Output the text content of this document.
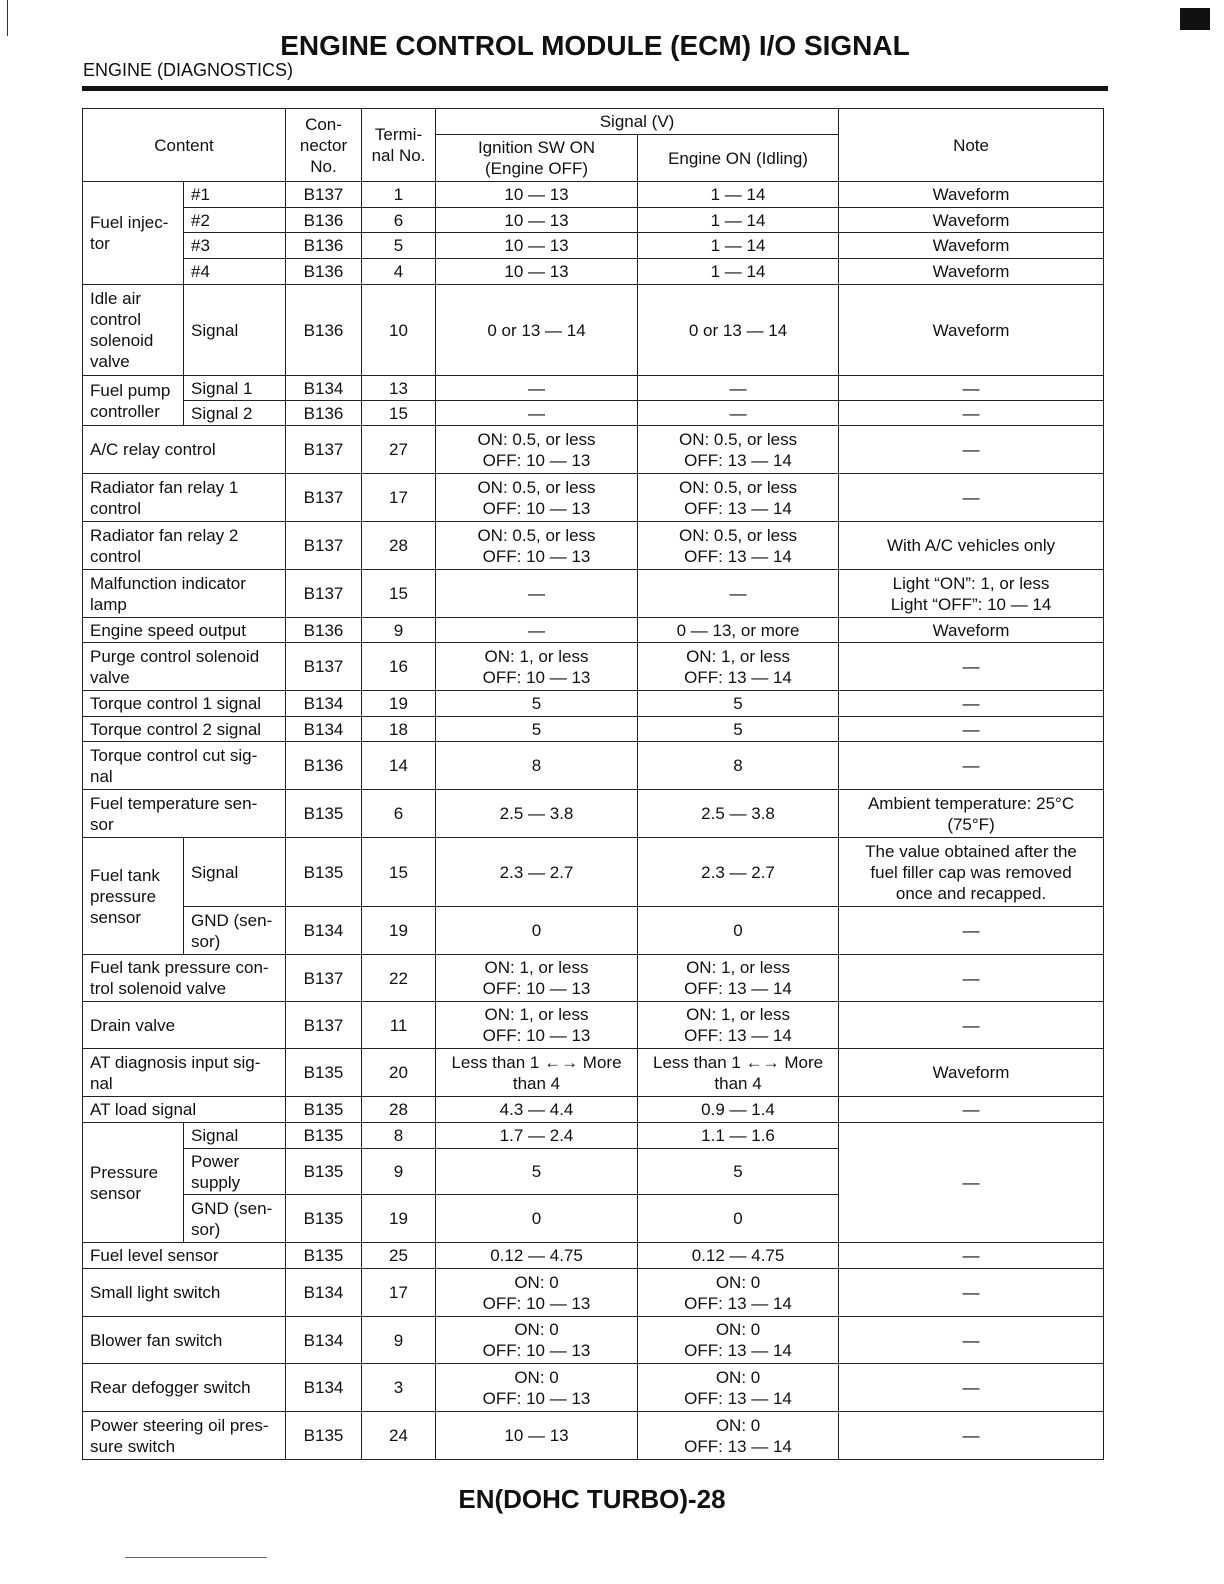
ENGINE CONTROL MODULE (ECM) I/O SIGNAL
ENGINE (DIAGNOSTICS)
Content		Con-
nector
No.	Termi-
nal No.	Signal (V)		Note
				Ignition SW ON
(Engine OFF)	Engine ON (Idling)	
Fuel injec-
tor	#1	B137	1	10 — 13	1 — 14	Waveform
	#2	B136	6	10 — 13	1 — 14	Waveform
	#3	B136	5	10 — 13	1 — 14	Waveform
	#4	B136	4	10 — 13	1 — 14	Waveform
Idle air
control
solenoid
valve	Signal	B136	10	0 or 13 — 14	0 or 13 — 14	Waveform
Fuel pump
controller	Signal 1	B134	13	—	—	—
	Signal 2	B136	15	—	—	—
A/C relay control		B137	27	ON: 0.5, or less
OFF: 10 — 13	ON: 0.5, or less
OFF: 13 — 14	—
Radiator fan relay 1
control		B137	17	ON: 0.5, or less
OFF: 10 — 13	ON: 0.5, or less
OFF: 13 — 14	—
Radiator fan relay 2
control		B137	28	ON: 0.5, or less
OFF: 10 — 13	ON: 0.5, or less
OFF: 13 — 14	With A/C vehicles only
Malfunction indicator
lamp		B137	15	—	—	Light “ON”: 1, or less
Light “OFF”: 10 — 14
Engine speed output		B136	9	—	0 — 13, or more	Waveform
Purge control solenoid
valve		B137	16	ON: 1, or less
OFF: 10 — 13	ON: 1, or less
OFF: 13 — 14	—
Torque control 1 signal		B134	19	5	5	—
Torque control 2 signal		B134	18	5	5	—
Torque control cut sig-
nal		B136	14	8	8	—
Fuel temperature sen-
sor		B135	6	2.5 — 3.8	2.5 — 3.8	Ambient temperature: 25°C
(75°F)
Fuel tank
pressure
sensor	Signal	B135	15	2.3 — 2.7	2.3 — 2.7	The value obtained after the
fuel filler cap was removed
once and recapped.
	GND (sen-
sor)	B134	19	0	0	—
Fuel tank pressure con-
trol solenoid valve		B137	22	ON: 1, or less
OFF: 10 — 13	ON: 1, or less
OFF: 13 — 14	—
Drain valve		B137	11	ON: 1, or less
OFF: 10 — 13	ON: 1, or less
OFF: 13 — 14	—
AT diagnosis input sig-
nal		B135	20	Less than 1 ←→ More
than 4	Less than 1 ←→ More
than 4	Waveform
AT load signal		B135	28	4.3 — 4.4	0.9 — 1.4	—
Pressure
sensor	Signal	B135	8	1.7 — 2.4	1.1 — 1.6	—
	Power
supply	B135	9	5	5	
	GND (sen-
sor)	B135	19	0	0	
Fuel level sensor		B135	25	0.12 — 4.75	0.12 — 4.75	—
Small light switch		B134	17	ON: 0
OFF: 10 — 13	ON: 0
OFF: 13 — 14	—
Blower fan switch		B134	9	ON: 0
OFF: 10 — 13	ON: 0
OFF: 13 — 14	—
Rear defogger switch		B134	3	ON: 0
OFF: 10 — 13	ON: 0
OFF: 13 — 14	—
Power steering oil pres-
sure switch		B135	24	10 — 13	ON: 0
OFF: 13 — 14	—
EN(DOHC TURBO)-28
